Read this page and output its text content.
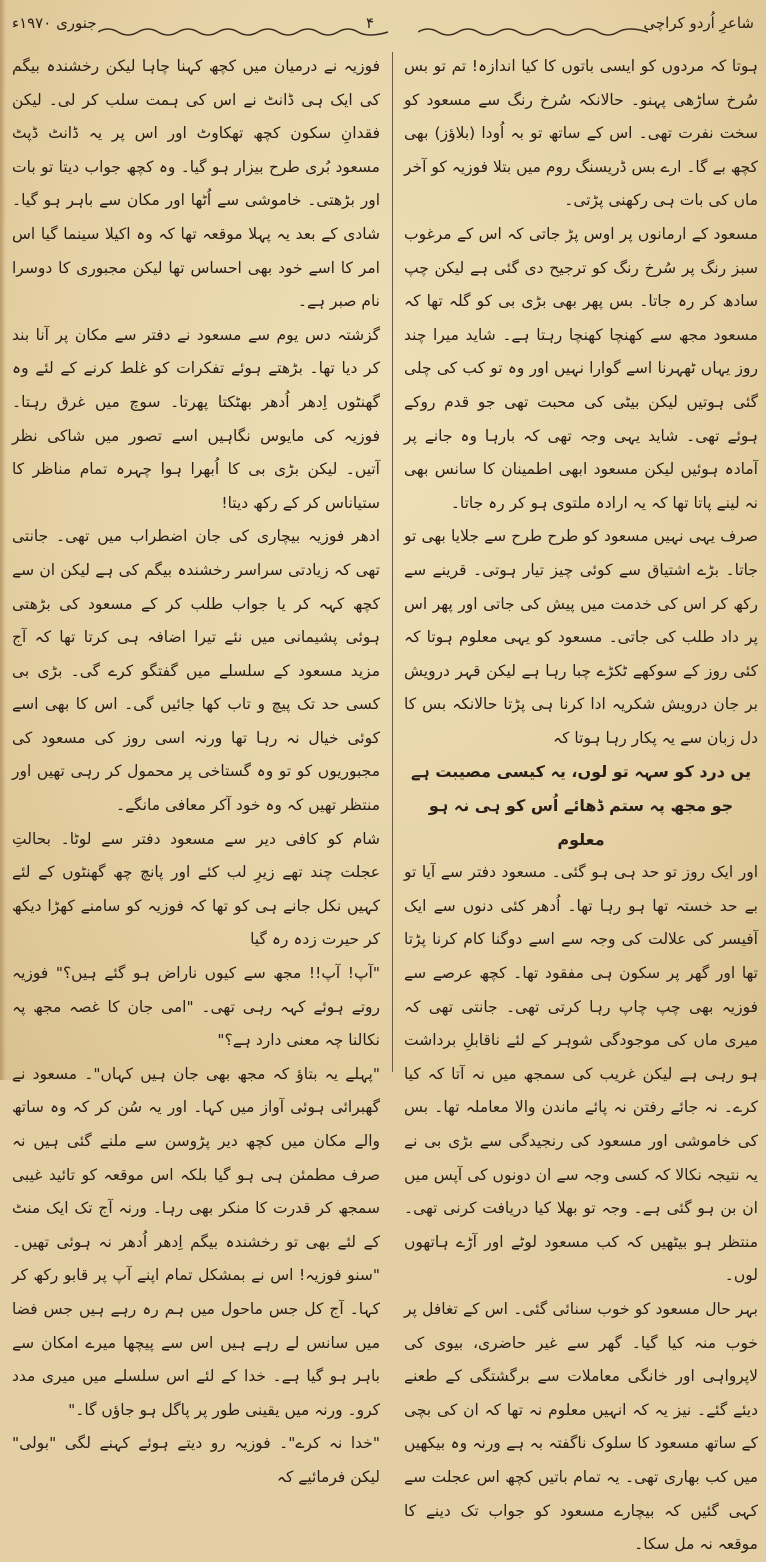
جنوری ۱۹۷۰ء	۴	شاعرِ اُردو کراچی

ہوتا کہ مردوں کو ایسی باتوں کا کیا اندازہ! تم تو بس سُرخ ساڑھی پہنو۔ حالانکہ سُرخ رنگ سے مسعود کو سخت نفرت تھی۔ اس کے ساتھ تو بہ اُودا (بلاؤز) بھی کچھ بے گا۔ ارے بس ڈریسنگ روم میں بتلا فوزیہ کو آخر ماں کی بات ہی رکھنی پڑتی۔

مسعود کے ارمانوں پر اوس پڑ جاتی کہ اس کے مرغوب سبز رنگ پر سُرخ رنگ کو ترجیح دی گئی ہے لیکن چپ سادھ کر رہ جاتا۔ بس پھر بھی بڑی بی کو گلہ تھا کہ مسعود مجھ سے کھنچا کھنچا رہتا ہے۔ شاید میرا چند روز یہاں ٹھہرنا اسے گوارا نہیں اور وہ تو کب کی چلی گئی ہوتیں لیکن بیٹی کی محبت تھی جو قدم روکے ہوئے تھی۔ شاید یہی وجہ تھی کہ بارہا وہ جانے پر آمادہ ہوئیں لیکن مسعود ابھی اطمینان کا سانس بھی نہ لینے پاتا تھا کہ یہ ارادہ ملتوی ہو کر رہ جاتا۔

صرف یہی نہیں مسعود کو طرح طرح سے جلایا بھی تو جاتا۔ بڑے اشتیاق سے کوئی چیز تیار ہوتی۔ قرینے سے رکھ کر اس کی خدمت میں پیش کی جاتی اور پھر اس پر داد طلب کی جاتی۔ مسعود کو یہی معلوم ہوتا کہ کئی روز کے سوکھے ٹکڑے چبا رہا ہے لیکن قہر درویش بر جان درویش شکریہ ادا کرنا ہی پڑتا حالانکہ بس کا دل زبان سے یہ پکار رہا ہوتا کہ

یں درد کو سہہ تو لوں، یہ کیسی مصیبت ہے

جو مجھ پہ ستم ڈھائے اُس کو ہی نہ ہو معلوم

اور ایک روز تو حد ہی ہو گئی۔ مسعود دفتر سے آیا تو بے حد خستہ تھا ہو رہا تھا۔ اُدھر کئی دنوں سے ایک آفیسر کی علالت کی وجہ سے اسے دوگنا کام کرنا پڑتا تھا اور گھر پر سکون ہی مفقود تھا۔ کچھ عرصے سے فوزیہ بھی چپ چاپ رہا کرتی تھی۔ جانتی تھی کہ میری ماں کی موجودگی شوہر کے لئے ناقابلِ برداشت ہو رہی ہے لیکن غریب کی سمجھ میں نہ آتا کہ کیا کرے۔ نہ جائے رفتن نہ پائے ماندن والا معاملہ تھا۔ بس کی خاموشی اور مسعود کی رنجیدگی سے بڑی بی نے یہ نتیجہ نکالا کہ کسی وجہ سے ان دونوں کی آپس میں ان بن ہو گئی ہے۔ وجہ تو بھلا کیا دریافت کرنی تھی۔ منتظر ہو بیٹھیں کہ کب مسعود لوٹے اور آڑے ہاتھوں لوں۔

بہر حال مسعود کو خوب سنائی گئی۔ اس کے تغافل پر خوب منہ کیا گیا۔ گھر سے غیر حاضری، بیوی کی لاپرواہی اور خانگی معاملات سے برگشتگی کے طعنے دیئے گئے۔ نیز یہ کہ انہیں معلوم نہ تھا کہ ان کی بچی کے ساتھ مسعود کا سلوک ناگفتہ بہ ہے ورنہ وہ بیکھیں میں کب بھاری تھی۔ یہ تمام باتیں کچھ اس عجلت سے کہی گئیں کہ بیچارے مسعود کو جواب تک دینے کا موقعہ نہ مل سکا۔

فوزیہ نے درمیان میں کچھ کہنا چاہا لیکن رخشندہ بیگم کی ایک ہی ڈانٹ نے اس کی ہمت سلب کر لی۔ لیکن فقدانِ سکون کچھ تھکاوٹ اور اس پر یہ ڈانٹ ڈپٹ مسعود بُری طرح بیزار ہو گیا۔ وہ کچھ جواب دیتا تو بات اور بڑھتی۔ خاموشی سے اُٹھا اور مکان سے باہر ہو گیا۔ شادی کے بعد یہ پہلا موقعہ تھا کہ وہ اکیلا سینما گیا اس امر کا اسے خود بھی احساس تھا لیکن مجبوری کا دوسرا نام صبر ہے۔

گزشتہ دس یوم سے مسعود نے دفتر سے مکان پر آنا بند کر دیا تھا۔ بڑھتے ہوئے تفکرات کو غلط کرنے کے لئے وہ گھنٹوں اِدھر اُدھر بھٹکتا پھرتا۔ سوچ میں غرق رہتا۔ فوزیہ کی مایوس نگاہیں اسے تصور میں شاکی نظر آتیں۔ لیکن بڑی بی کا اُبھرا ہوا چہرہ تمام مناظر کا ستیاناس کر کے رکھ دیتا!

ادھر فوزیہ بیچاری کی جان اضطراب میں تھی۔ جانتی تھی کہ زیادتی سراسر رخشندہ بیگم کی ہے لیکن ان سے کچھ کہہ کر یا جواب طلب کر کے مسعود کی بڑھتی ہوئی پشیمانی میں نئے تیرا اضافہ ہی کرتا تھا کہ آج مزید مسعود کے سلسلے میں گفتگو کرے گی۔ بڑی بی کسی حد تک پیچ و تاب کھا جائیں گی۔ اس کا بھی اسے کوئی خیال نہ رہا تھا ورنہ اسی روز کی مسعود کی مجبوریوں کو تو وہ گستاخی پر محمول کر رہی تھیں اور منتظر تھیں کہ وہ خود آکر معافی مانگے۔

شام کو کافی دیر سے مسعود دفتر سے لوٹا۔ بحالتِ عجلت چند تھے زیرِ لب کئے اور پانچ چھ گھنٹوں کے لئے کہیں نکل جانے ہی کو تھا کہ فوزیہ کو سامنے کھڑا دیکھ کر حیرت زدہ رہ گیا

"آپ! آپ!! مجھ سے کیوں ناراض ہو گئے ہیں؟" فوزیہ روتے ہوئے کہہ رہی تھی۔ "امی جان کا غصہ مجھ پہ نکالنا چہ معنی دارد ہے؟"

"پہلے یہ بتاؤ کہ مجھ بھی جان ہیں کہاں"۔ مسعود نے گھبرائی ہوئی آواز میں کہا۔ اور یہ سُن کر کہ وہ ساتھ والے مکان میں کچھ دیر پڑوسن سے ملنے گئی ہیں نہ صرف مطمئن ہی ہو گیا بلکہ اس موقعہ کو تائید غیبی سمجھ کر قدرت کا منکر بھی رہا۔ ورنہ آج تک ایک منٹ کے لئے بھی تو رخشندہ بیگم اِدھر اُدھر نہ ہوئی تھیں۔ "سنو فوزیہ! اس نے بمشکل تمام اپنے آپ پر قابو رکھ کر کہا۔ آج کل جس ماحول میں ہم رہ رہے ہیں جس فضا میں سانس لے رہے ہیں اس سے پیچھا میرے امکان سے باہر ہو گیا ہے۔ خدا کے لئے اس سلسلے میں میری مدد کرو۔ ورنہ میں یقینی طور پر پاگل ہو جاؤں گا۔"

"خدا نہ کرے"۔ فوزیہ رو دیتے ہوئے کہنے لگی "بولی" لیکن فرمائیے کہ
